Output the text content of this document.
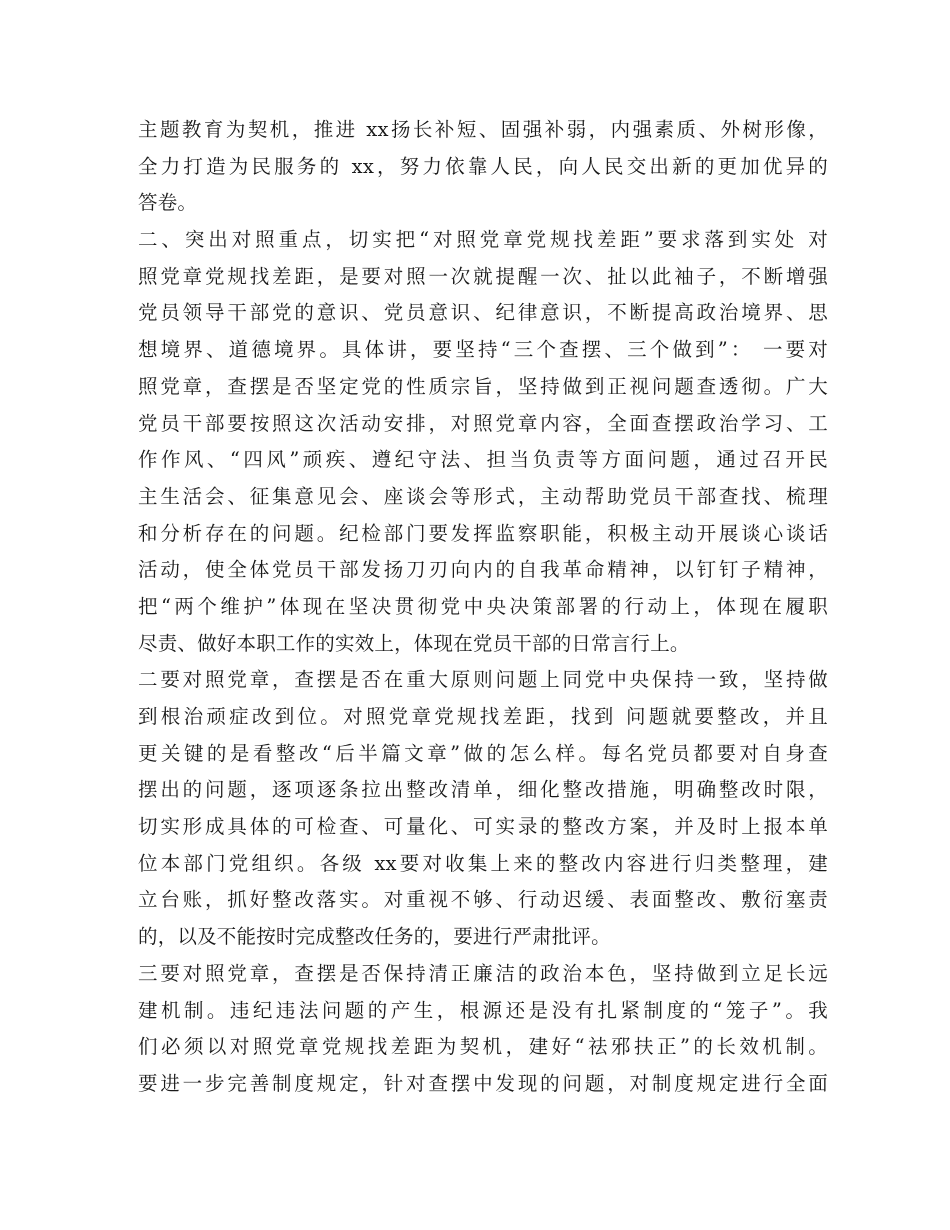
主题教育为契机，推进 xx扬长补短、固强补弱，内强素质、外树形像，
全力打造为民服务的 xx，努力依靠人民，向人民交出新的更加优异的
答卷。
二、突出对照重点，切实把“对照党章党规找差距”要求落到实处 对
照党章党规找差距，是要对照一次就提醒一次、扯以此袖子，不断增强
党员领导干部党的意识、党员意识、纪律意识，不断提高政治境界、思
想境界、道德境界。具体讲，要坚持“三个查摆、三个做到”： 一要对
照党章，查摆是否坚定党的性质宗旨，坚持做到正视问题查透彻。广大
党员干部要按照这次活动安排，对照党章内容，全面查摆政治学习、工
作作风、“四风”顽疾、遵纪守法、担当负责等方面问题，通过召开民
主生活会、征集意见会、座谈会等形式，主动帮助党员干部查找、梳理
和分析存在的问题。纪检部门要发挥监察职能，积极主动开展谈心谈话
活动，使全体党员干部发扬刀刃向内的自我革命精神，以钉钉子精神，
把“两个维护”体现在坚决贯彻党中央决策部署的行动上，体现在履职
尽责、做好本职工作的实效上，体现在党员干部的日常言行上。
二要对照党章，查摆是否在重大原则问题上同党中央保持一致，坚持做
到根治顽症改到位。对照党章党规找差距，找到 问题就要整改，并且
更关键的是看整改“后半篇文章”做的怎么样。每名党员都要对自身查
摆出的问题，逐项逐条拉出整改清单，细化整改措施，明确整改时限，
切实形成具体的可检查、可量化、可实录的整改方案，并及时上报本单
位本部门党组织。各级 xx要对收集上来的整改内容进行归类整理，建
立台账，抓好整改落实。对重视不够、行动迟缓、表面整改、敷衍塞责
的，以及不能按时完成整改任务的，要进行严肃批评。
三要对照党章，查摆是否保持清正廉洁的政治本色，坚持做到立足长远
建机制。违纪违法问题的产生，根源还是没有扎紧制度的“笼子”。我
们必须以对照党章党规找差距为契机，建好“祛邪扶正”的长效机制。
要进一步完善制度规定，针对查摆中发现的问题，对制度规定进行全面
